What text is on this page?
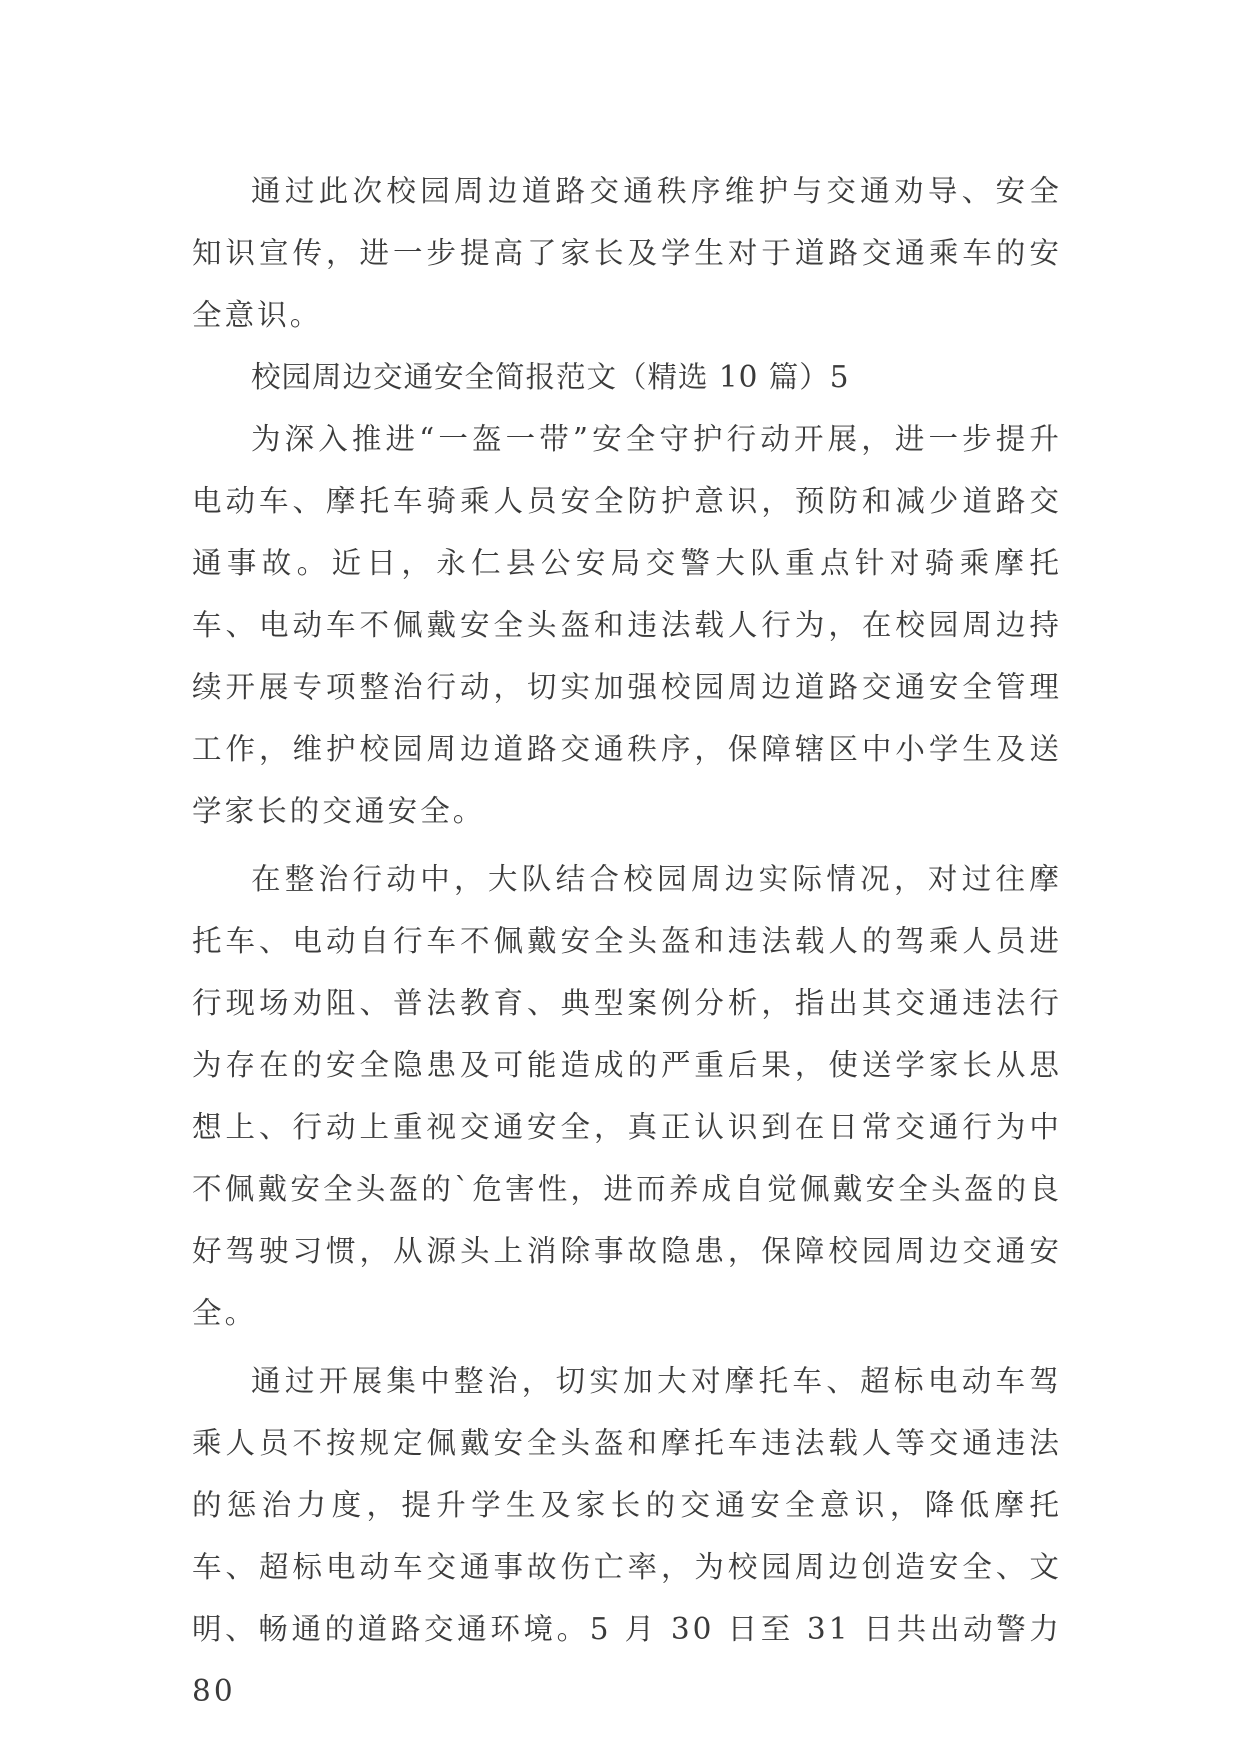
通过此次校园周边道路交通秩序维护与交通劝导、安全知识宣传，进一步提高了家长及学生对于道路交通乘车的安全意识。

校园周边交通安全简报范文（精选 10 篇）5

为深入推进“一盔一带”安全守护行动开展，进一步提升电动车、摩托车骑乘人员安全防护意识，预防和减少道路交通事故。近日，永仁县公安局交警大队重点针对骑乘摩托车、电动车不佩戴安全头盔和违法载人行为，在校园周边持续开展专项整治行动，切实加强校园周边道路交通安全管理工作，维护校园周边道路交通秩序，保障辖区中小学生及送学家长的交通安全。

在整治行动中，大队结合校园周边实际情况，对过往摩托车、电动自行车不佩戴安全头盔和违法载人的驾乘人员进行现场劝阻、普法教育、典型案例分析，指出其交通违法行为存在的安全隐患及可能造成的严重后果，使送学家长从思想上、行动上重视交通安全，真正认识到在日常交通行为中不佩戴安全头盔的`危害性，进而养成自觉佩戴安全头盔的良好驾驶习惯，从源头上消除事故隐患，保障校园周边交通安全。

通过开展集中整治，切实加大对摩托车、超标电动车驾乘人员不按规定佩戴安全头盔和摩托车违法载人等交通违法的惩治力度，提升学生及家长的交通安全意识，降低摩托车、超标电动车交通事故伤亡率，为校园周边创造安全、文明、畅通的道路交通环境。5 月 30 日至 31 日共出动警力 80
